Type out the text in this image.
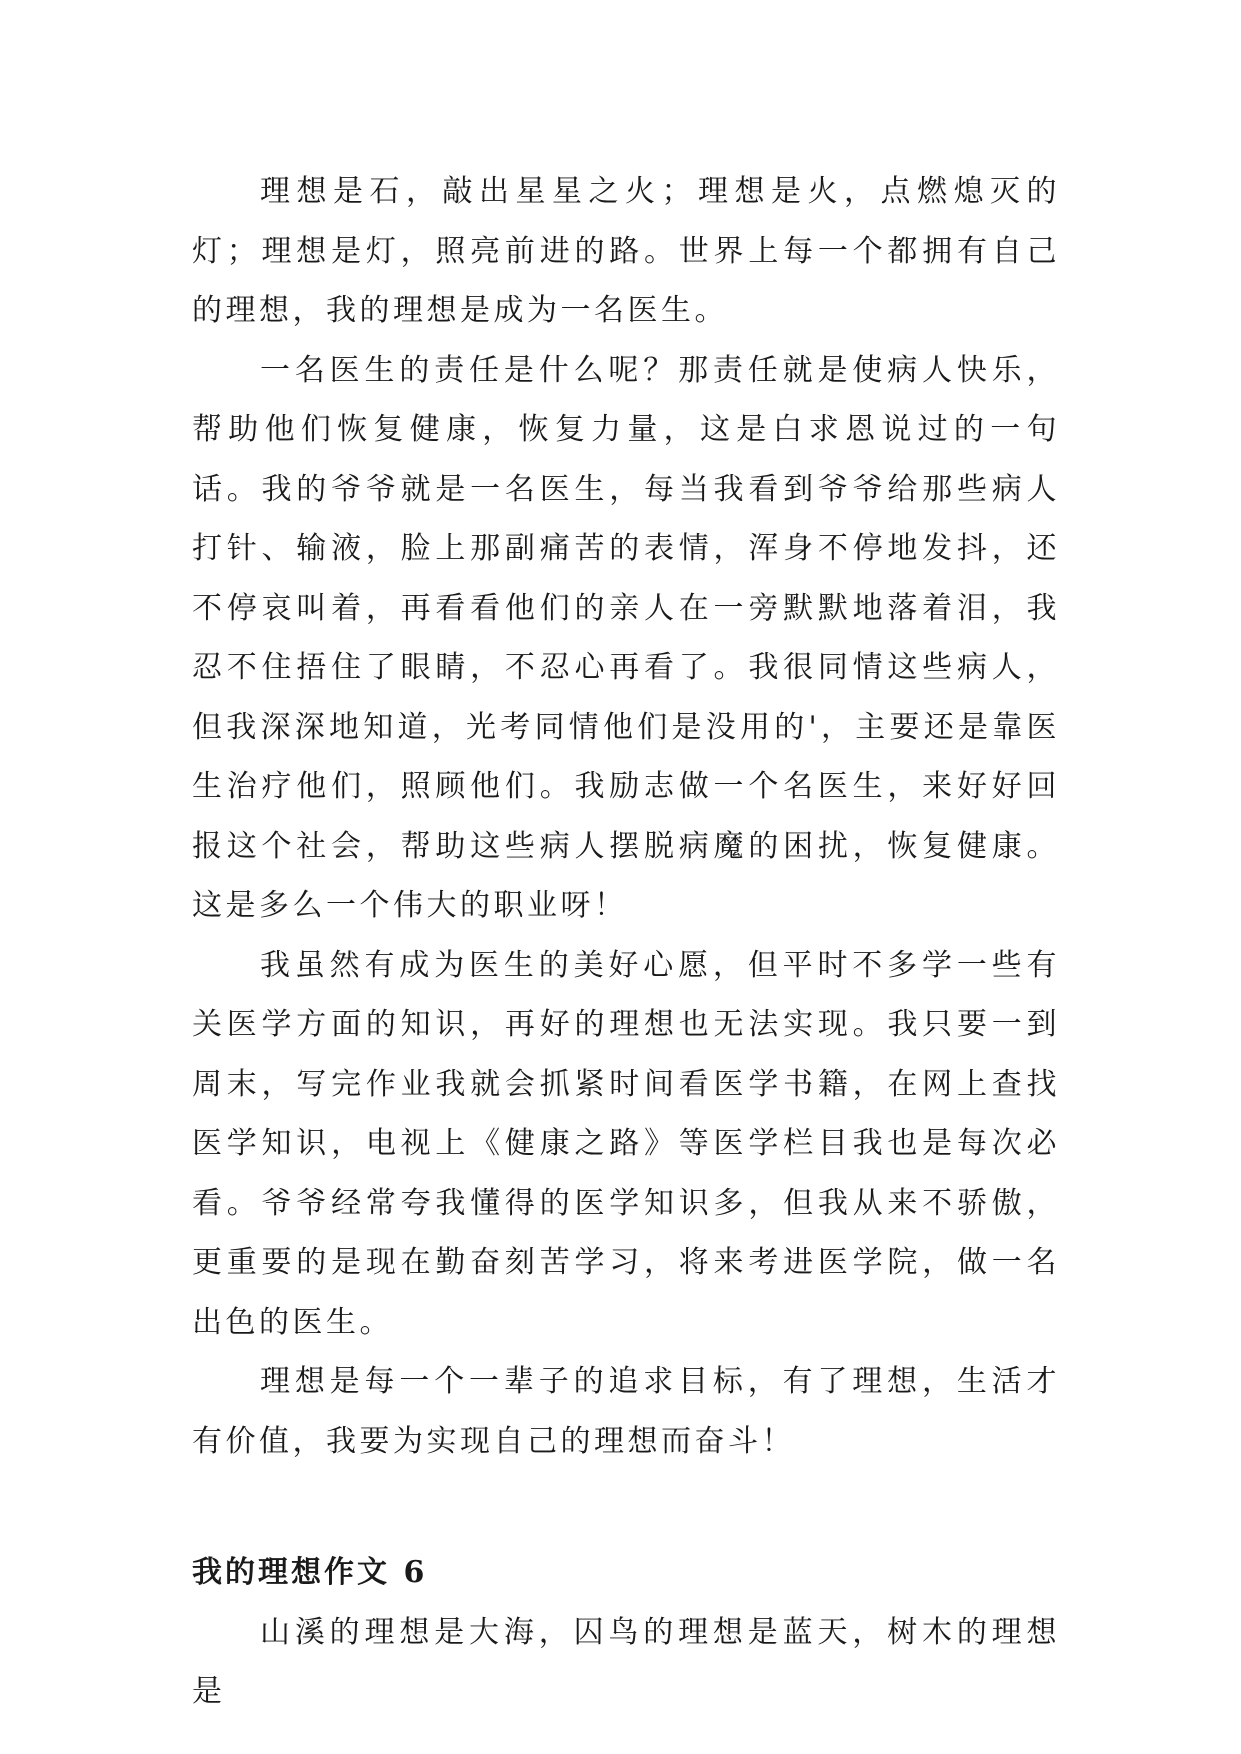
理想是石，敲出星星之火；理想是火，点燃熄灭的灯；理想是灯，照亮前进的路。世界上每一个都拥有自己的理想，我的理想是成为一名医生。

一名医生的责任是什么呢？那责任就是使病人快乐，帮助他们恢复健康，恢复力量，这是白求恩说过的一句话。我的爷爷就是一名医生，每当我看到爷爷给那些病人打针、输液，脸上那副痛苦的表情，浑身不停地发抖，还不停哀叫着，再看看他们的亲人在一旁默默地落着泪，我忍不住捂住了眼睛，不忍心再看了。我很同情这些病人，但我深深地知道，光考同情他们是没用的'，主要还是靠医生治疗他们，照顾他们。我励志做一个名医生，来好好回报这个社会，帮助这些病人摆脱病魔的困扰，恢复健康。这是多么一个伟大的职业呀！

我虽然有成为医生的美好心愿，但平时不多学一些有关医学方面的知识，再好的理想也无法实现。我只要一到周末，写完作业我就会抓紧时间看医学书籍，在网上查找医学知识，电视上《健康之路》等医学栏目我也是每次必看。爷爷经常夸我懂得的医学知识多，但我从来不骄傲，更重要的是现在勤奋刻苦学习，将来考进医学院，做一名出色的医生。

理想是每一个一辈子的追求目标，有了理想，生活才有价值，我要为实现自己的理想而奋斗！

我的理想作文 6

山溪的理想是大海，囚鸟的理想是蓝天，树木的理想是
